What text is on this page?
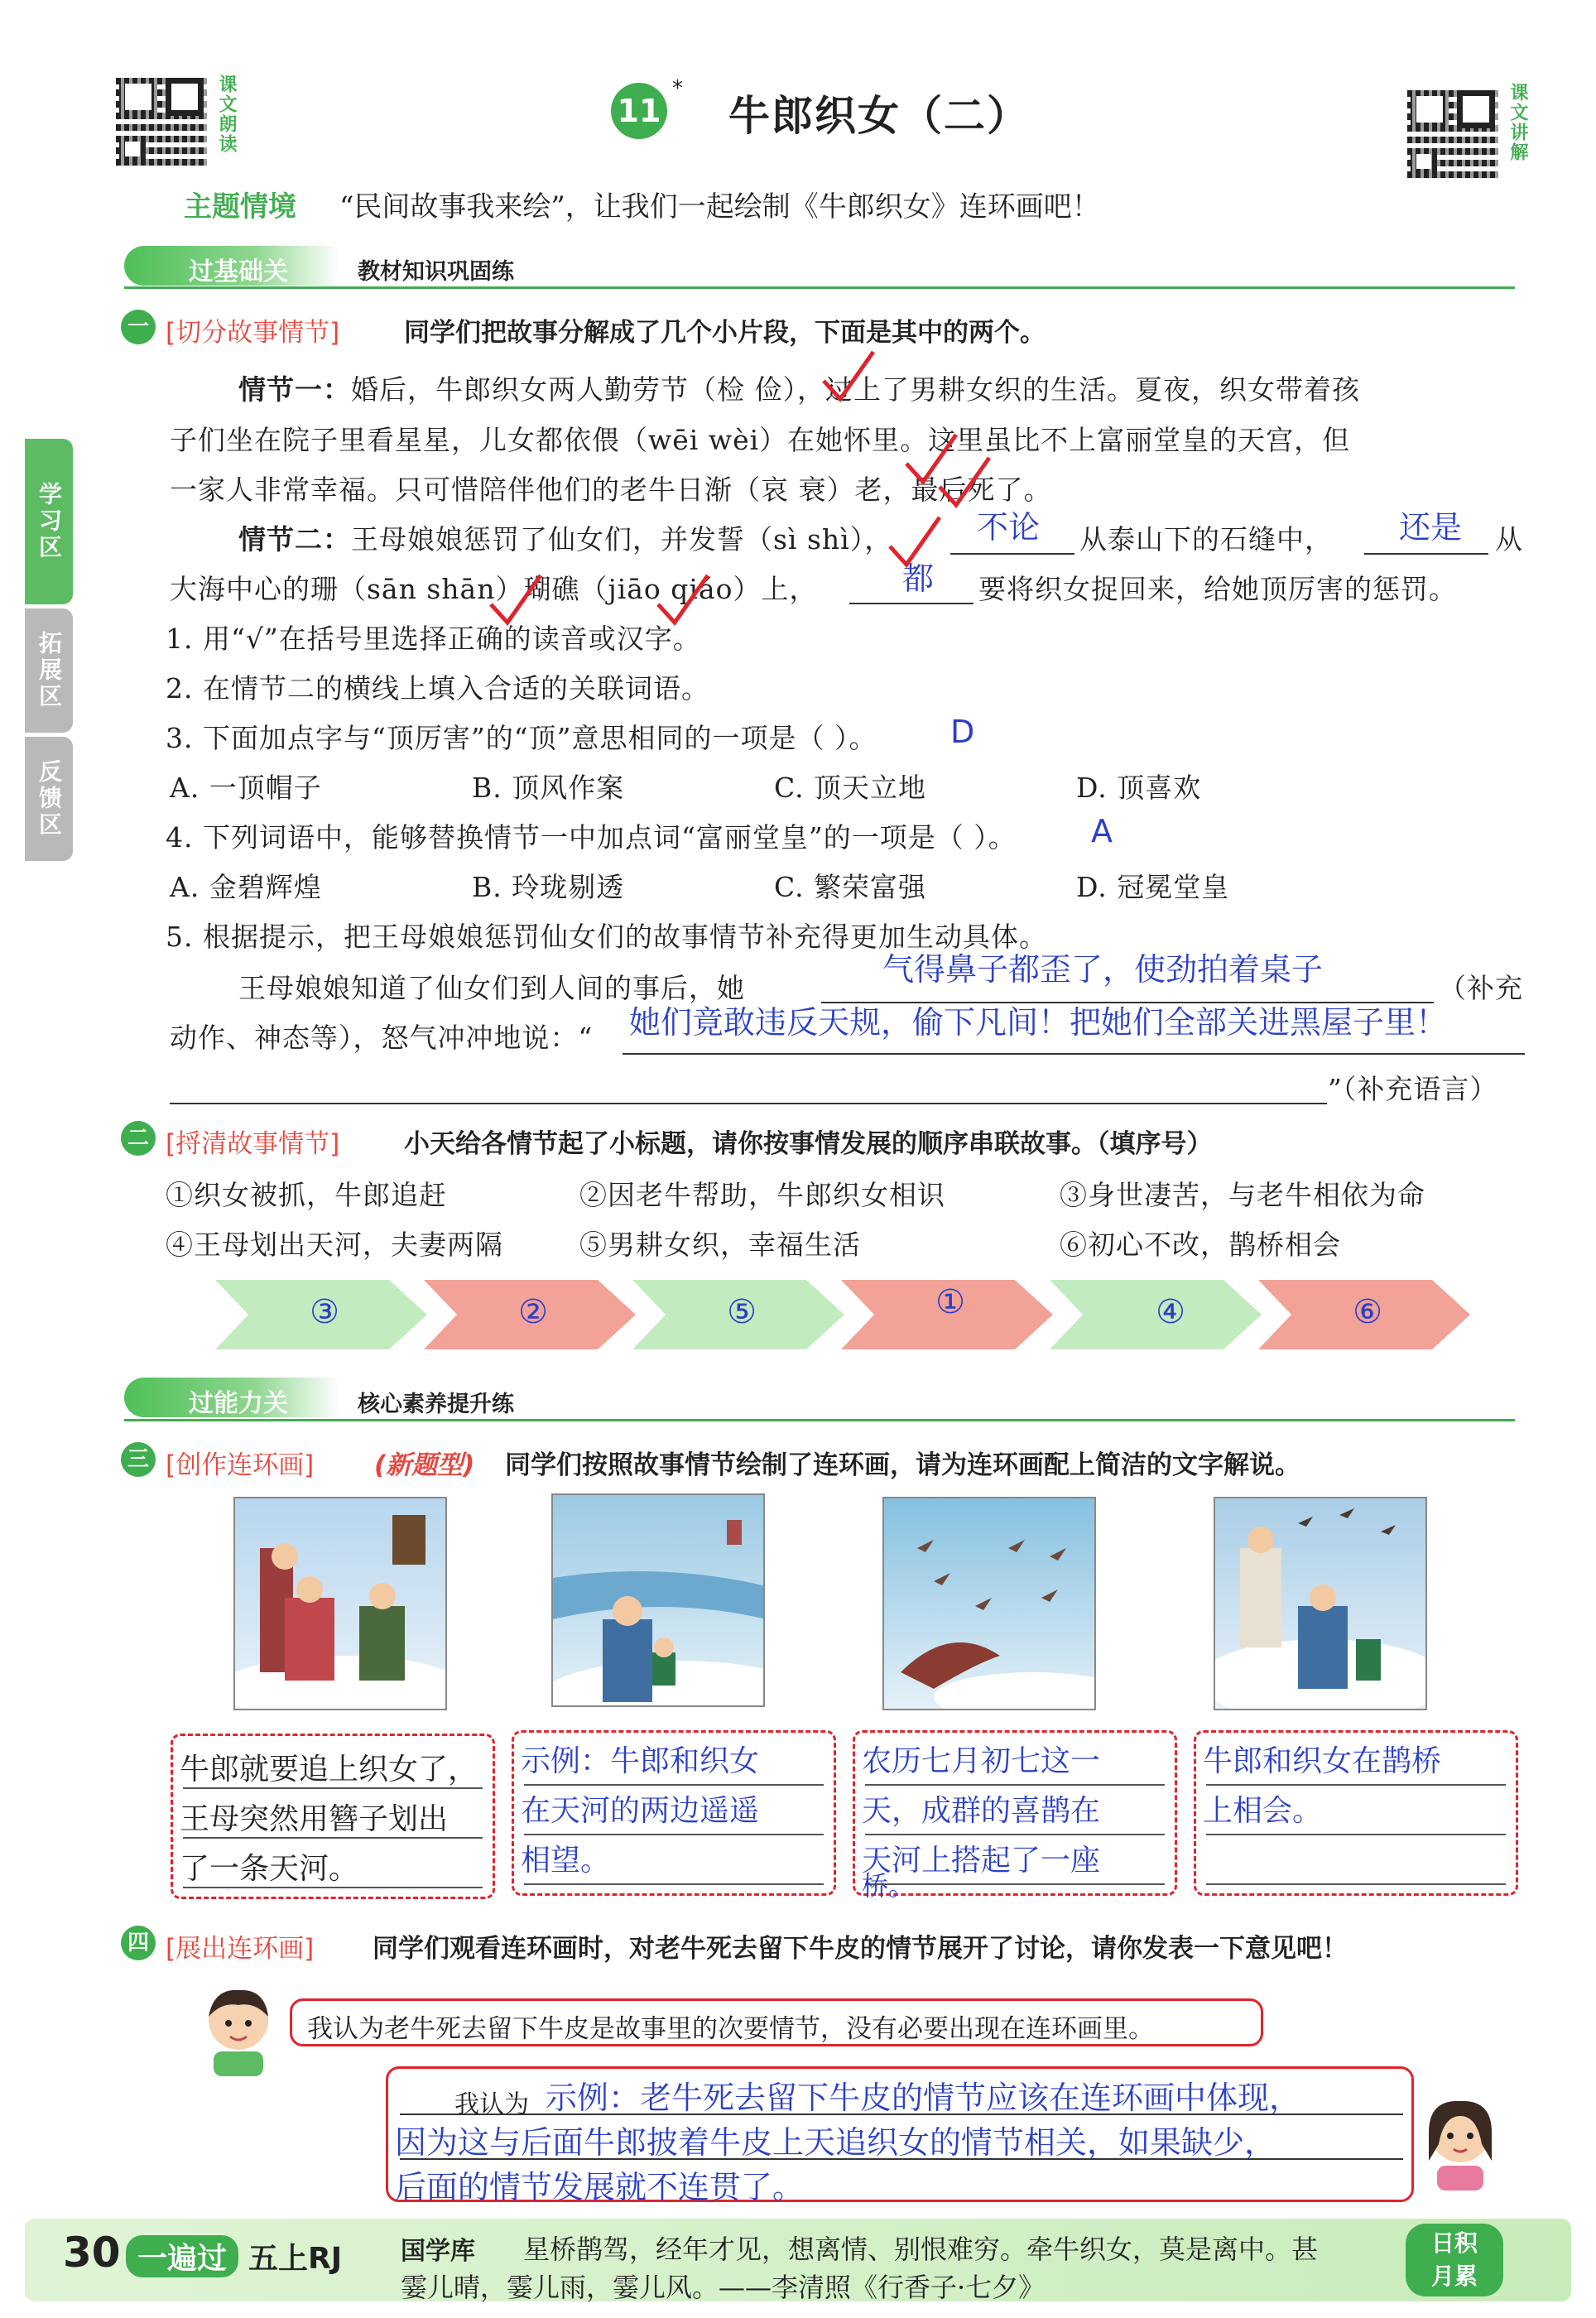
学习区
拓展区
反馈区
课文朗读	11
*
牛郎织女（二）	课文讲解
主题情境 “民间故事我来绘”，让我们一起绘制《牛郎织女》连环画吧！
过基础关	教材知识巩固练
一 [切分故事情节]	同学们把故事分解成了几个小片段，下面是其中的两个。
情节一：婚后，牛郎织女两人勤劳节（检 俭），过上了男耕女织的生活。夏夜，织女带着孩
子们坐在院子里看星星，儿女都依偎（wēi wèi）在她怀里。这里虽比不上富丽堂皇的天宫，但
一家人非常幸福。只可惜陪伴他们的老牛日渐（哀 衰）老，最后死了。
情节二：王母娘娘惩罚了仙女们，并发誓（sì shì），	不论 从泰山下的石缝中， 还是 从
大海中心的珊（sān shān）瑚礁（jiāo qiáo）上，	都 要将织女捉回来，给她顶厉害的惩罚。
1. 用“√”在括号里选择正确的读音或汉字。
2. 在情节二的横线上填入合适的关联词语。
3. 下面加点字与“顶厉害”的“顶”意思相同的一项是（ ）。 D
A. 一顶帽子	B. 顶风作案	C. 顶天立地	D. 顶喜欢
4. 下列词语中，能够替换情节一中加点词“富丽堂皇”的一项是（ ）。 A
A. 金碧辉煌	B. 玲珑剔透	C. 繁荣富强	D. 冠冕堂皇
5. 根据提示，把王母娘娘惩罚仙女们的故事情节补充得更加生动具体。
王母娘娘知道了仙女们到人间的事后，她
气得鼻子都歪了，使劲拍着桌子
（补充
动作、神态等），怒气冲冲地说：“ 她们竟敢违反天规，偷下凡间！把她们全部关进黑屋子里！
”（补充语言）
二 [捋清故事情节]	小天给各情节起了小标题，请你按事情发展的顺序串联故事。（填序号）
①织女被抓，牛郎追赶	②因老牛帮助，牛郎织女相识	③身世凄苦，与老牛相依为命
④王母划出天河，夫妻两隔	⑤男耕女织，幸福生活	⑥初心不改，鹊桥相会
③	②	⑤	①	④	⑥
过能力关	核心素养提升练
三 [创作连环画] (新题型) 同学们按照故事情节绘制了连环画，请为连环画配上简洁的文字解说。
牛郎就要追上织女了，
王母突然用簪子划出
了一条天河。
示例：牛郎和织女
在天河的两边遥遥
相望。
农历七月初七这一
天，成群的喜鹊在
天河上搭起了一座
桥。
牛郎和织女在鹊桥
上相会。
四 [展出连环画] 同学们观看连环画时，对老牛死去留下牛皮的情节展开了讨论，请你发表一下意见吧！
我认为老牛死去留下牛皮是故事里的次要情节，没有必要出现在连环画里。
我认为 示例：老牛死去留下牛皮的情节应该在连环画中体现，
因为这与后面牛郎披着牛皮上天追织女的情节相关，如果缺少，
后面的情节发展就不连贯了。
30 一遍过 五上RJ 国学库 星桥鹊驾，经年才见，想离情、别恨难穷。牵牛织女，莫是离中。甚
霎儿晴，霎儿雨，霎儿风。——李清照《行香子·七夕》
日积
月累
